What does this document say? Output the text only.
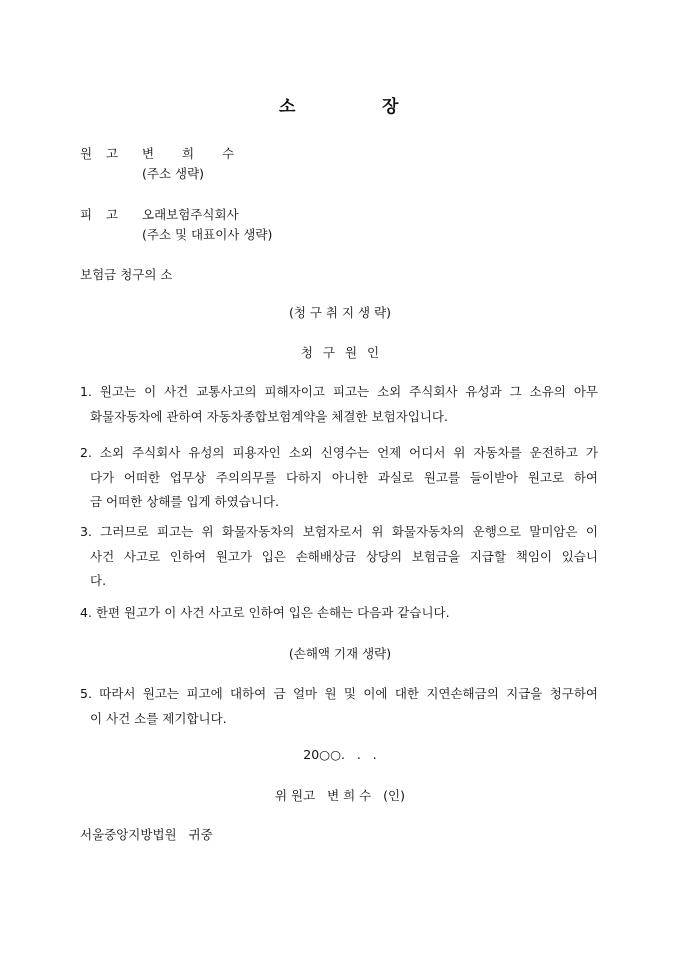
소	장
원 고 변 희 수
(주소 생략)
피 고 오래보험주식회사
(주소 및 대표이사 생략)
보험금 청구의 소
(청 구 취 지 생 략)
청 구 원 인
1. 원고는 이 사건 교통사고의 피해자이고 피고는 소외 주식회사 유성과 그 소유의 아무
화물자동차에 관하여 자동차종합보험계약을 체결한 보험자입니다.
2. 소외 주식회사 유성의 피용자인 소외 신영수는 언제 어디서 위 자동차를 운전하고 가
다가 어떠한 업무상 주의의무를 다하지 아니한 과실로 원고를 들이받아 원고로 하여
금 어떠한 상해를 입게 하였습니다.
3. 그러므로 피고는 위 화물자동차의 보험자로서 위 화물자동차의 운행으로 말미암은 이
사건 사고로 인하여 원고가 입은 손해배상금 상당의 보험금을 지급할 책임이 있습니
다.
4. 한편 원고가 이 사건 사고로 인하여 입은 손해는 다음과 같습니다.
(손해액 기재 생략)
5. 따라서 원고는 피고에 대하여 금 얼마 원 및 이에 대한 지연손해금의 지급을 청구하여
이 사건 소를 제기합니다.
20○○.   .   .
위 원고   변 희 수   (인)
서울중앙지방법원   귀중
